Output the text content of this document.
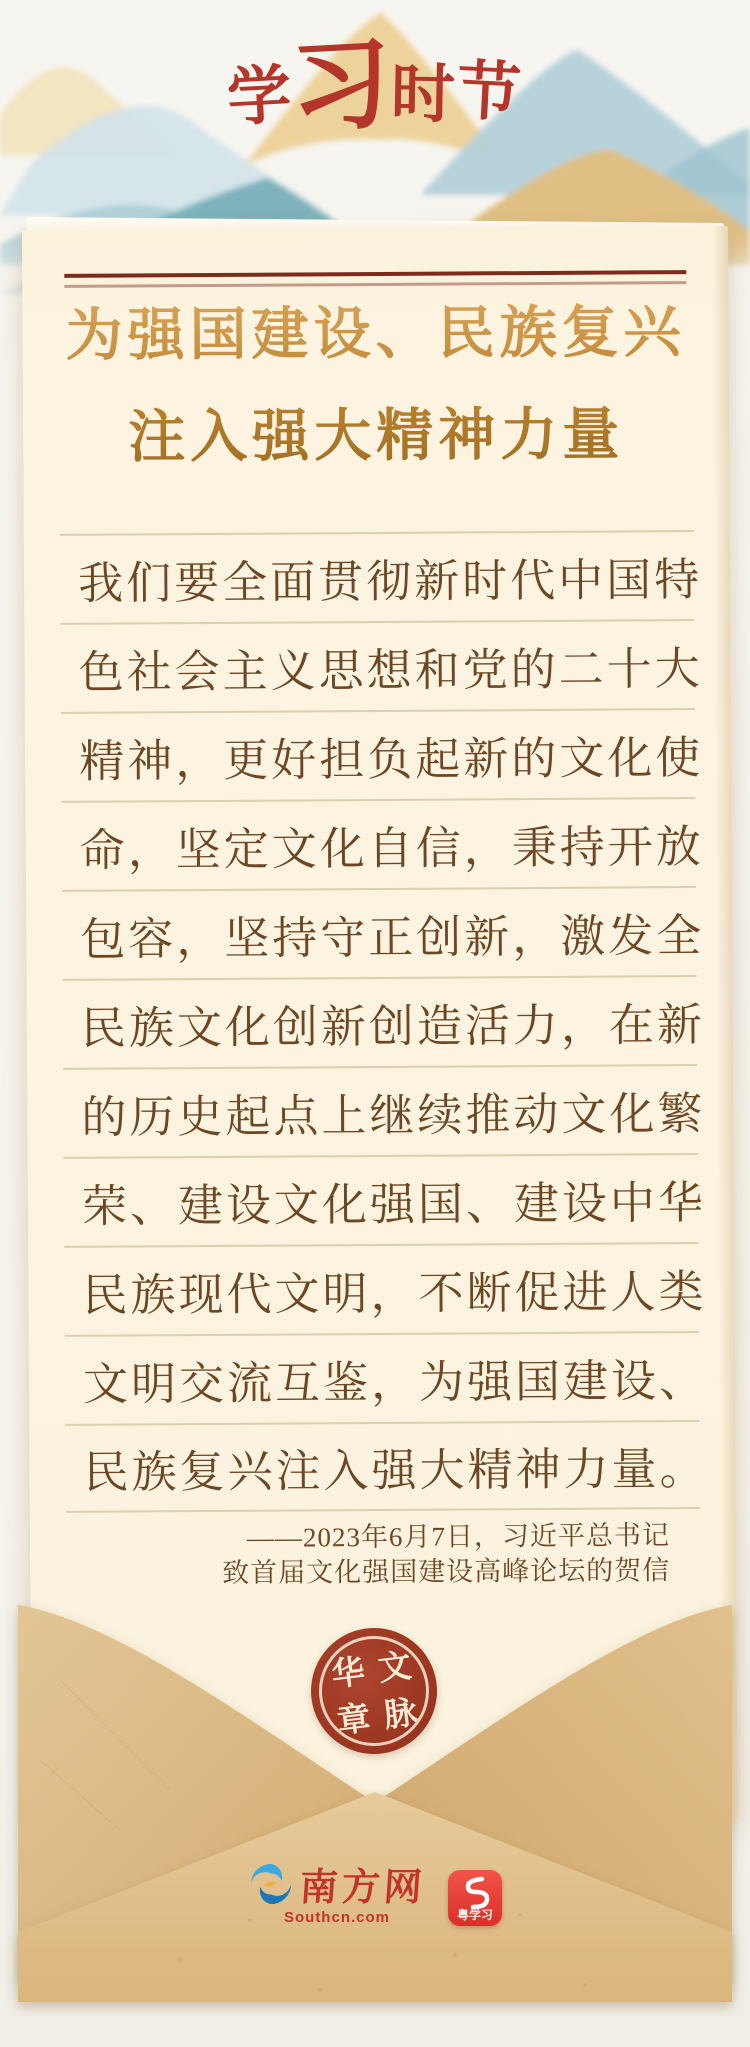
学习时节
为强国建设、民族复兴
注入强大精神力量
我们要全面贯彻新时代中国特
色社会主义思想和党的二十大
精神，更好担负起新的文化使
命，坚定文化自信，秉持开放
包容，坚持守正创新，激发全
民族文化创新创造活力，在新
的历史起点上继续推动文化繁
荣、建设文化强国、建设中华
民族现代文明，不断促进人类
文明交流互鉴，为强国建设、
民族复兴注入强大精神力量。
——2023年6月7日，习近平总书记
致首届文化强国建设高峰论坛的贺信
华 文
章 脉
南方网
Southcn.com	粤学习
